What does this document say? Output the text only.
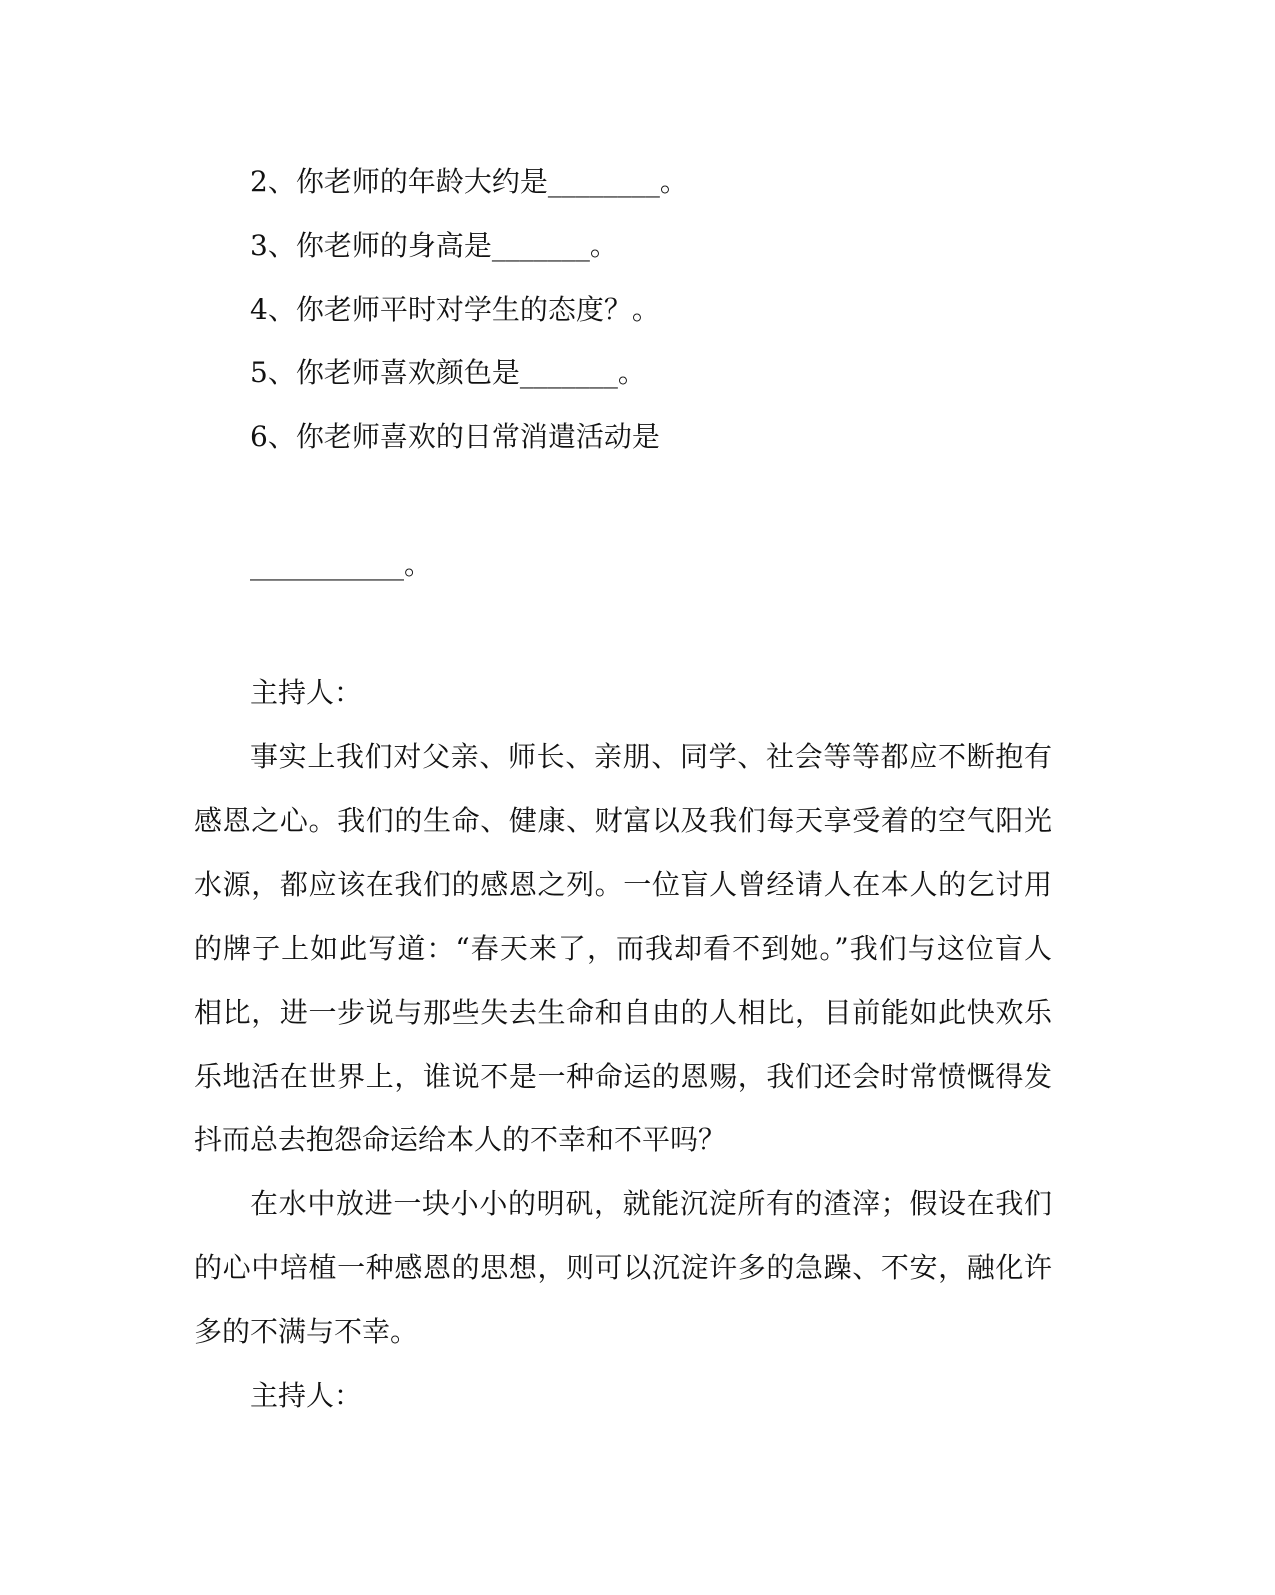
2、你老师的年龄大约是________。
3、你老师的身高是_______。
4、你老师平时对学生的态度？。
5、你老师喜欢颜色是_______。
6、你老师喜欢的日常消遣活动是
___________。
主持人：
事实上我们对父亲、师长、亲朋、同学、社会等等都应不断抱有
感恩之心。我们的生命、健康、财富以及我们每天享受着的空气阳光
水源，都应该在我们的感恩之列。一位盲人曾经请人在本人的乞讨用
的牌子上如此写道：“春天来了，而我却看不到她。”我们与这位盲人
相比，进一步说与那些失去生命和自由的人相比，目前能如此快欢乐
乐地活在世界上，谁说不是一种命运的恩赐，我们还会时常愤慨得发
抖而总去抱怨命运给本人的不幸和不平吗？
在水中放进一块小小的明矾，就能沉淀所有的渣滓；假设在我们
的心中培植一种感恩的思想，则可以沉淀许多的急躁、不安，融化许
多的不满与不幸。
主持人：
